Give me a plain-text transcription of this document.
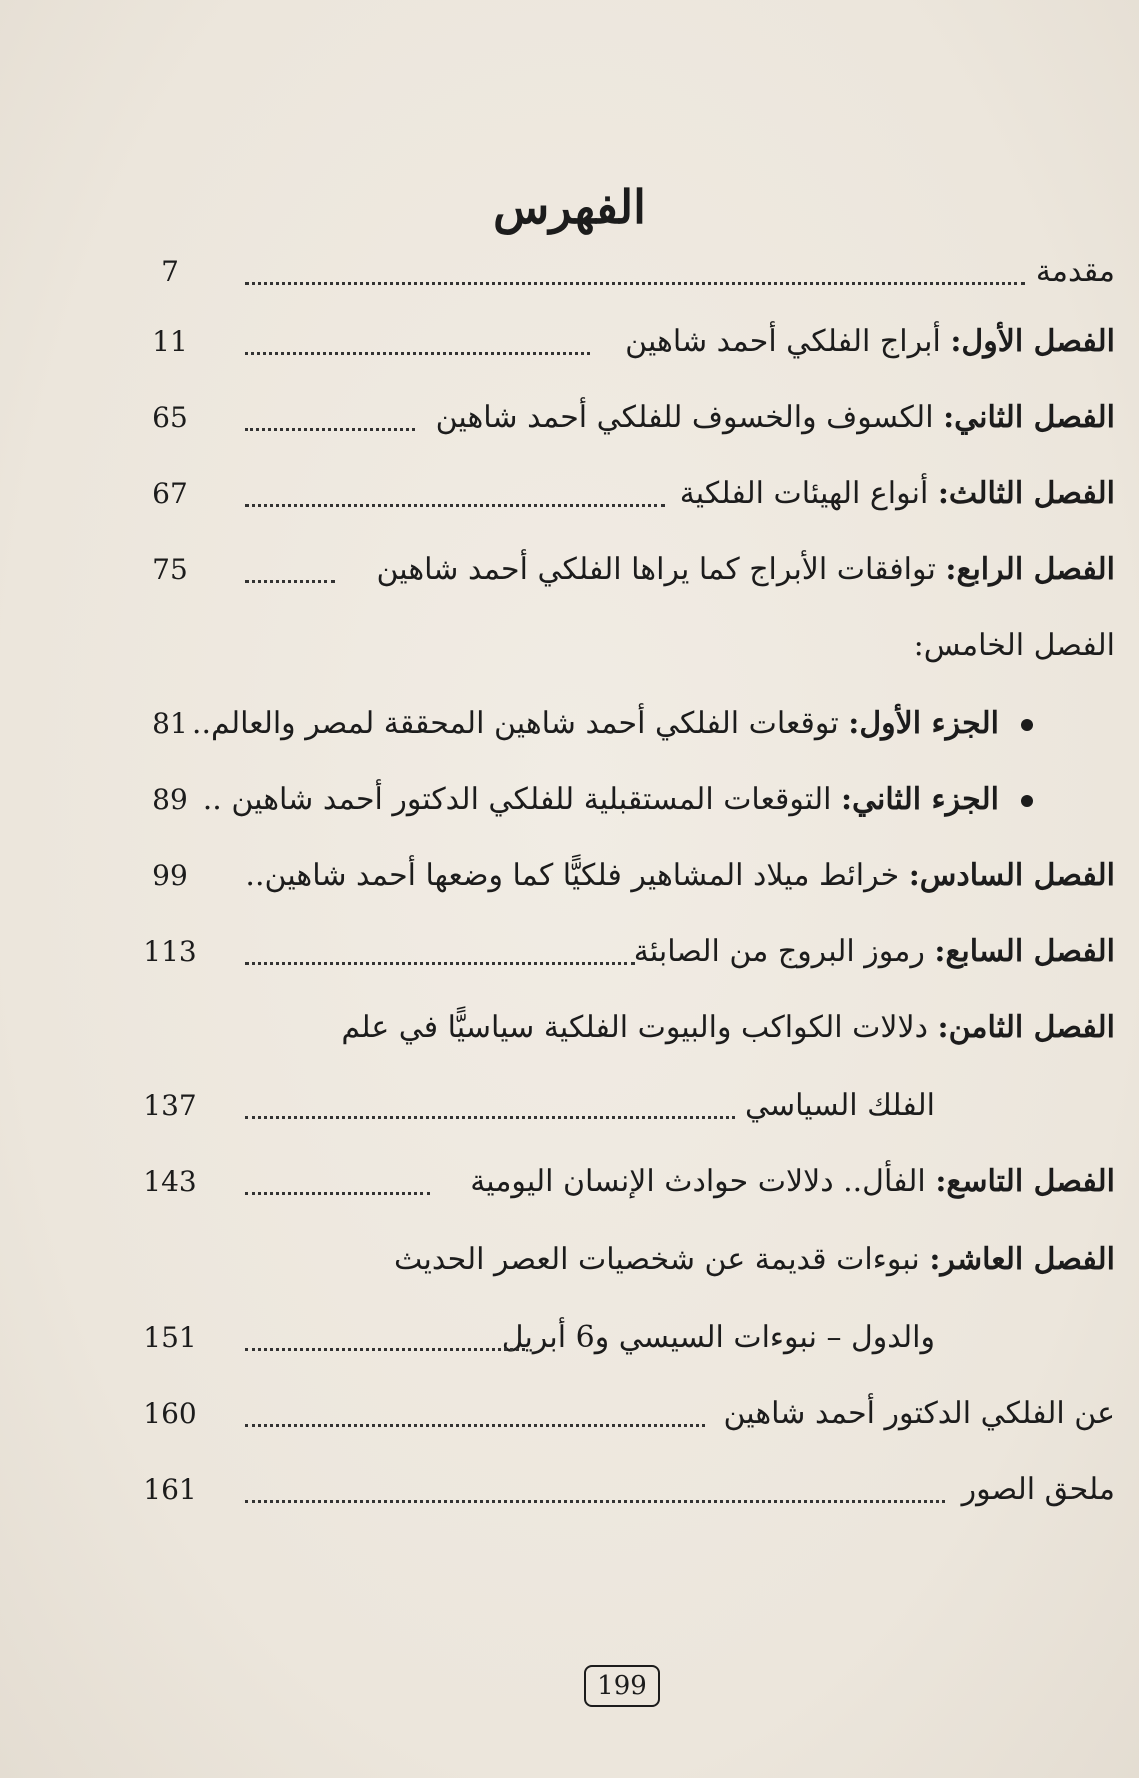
الفهرس
مقدمة
7
الفصل الأول: أبراج الفلكي أحمد شاهين
11
الفصل الثاني: الكسوف والخسوف للفلكي أحمد شاهين
65
الفصل الثالث: أنواع الهيئات الفلكية
67
الفصل الرابع: توافقات الأبراج كما يراها الفلكي أحمد شاهين
75
الفصل الخامس:
الجزء الأول: توقعات الفلكي أحمد شاهين المحققة لمصر والعالم..
81
الجزء الثاني: التوقعات المستقبلية للفلكي الدكتور أحمد شاهين ..
89
الفصل السادس: خرائط ميلاد المشاهير فلكيًّا كما وضعها أحمد شاهين..
99
الفصل السابع: رموز البروج من الصابئة
113
الفصل الثامن: دلالات الكواكب والبيوت الفلكية سياسيًّا في علم
الفلك السياسي
137
الفصل التاسع: الفأل.. دلالات حوادث الإنسان اليومية
143
الفصل العاشر: نبوءات قديمة عن شخصيات العصر الحديث
والدول – نبوءات السيسي و6 أبريل
151
عن الفلكي الدكتور أحمد شاهين
160
ملحق الصور
161
199
